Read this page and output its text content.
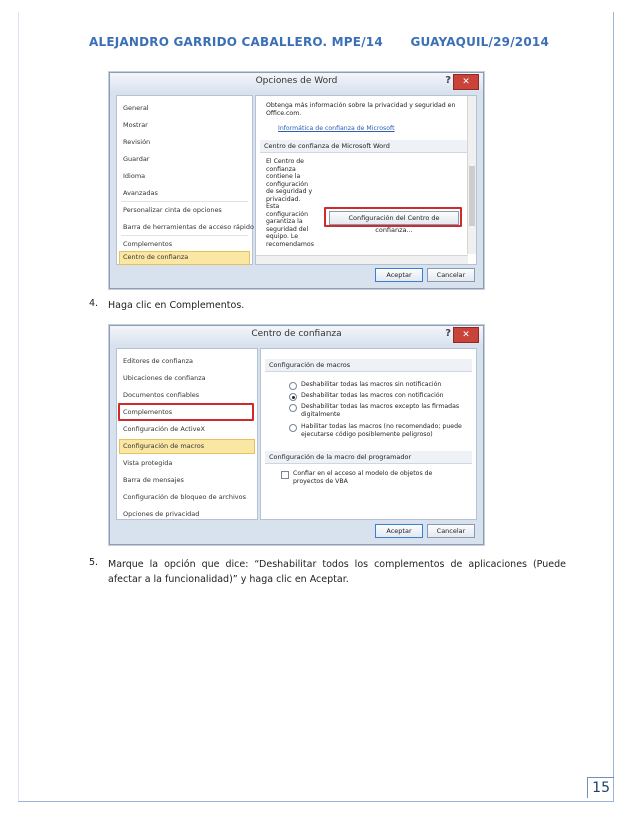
ALEJANDRO GARRIDO CABALLERO. MPE/14 GUAYAQUIL/29/2014
Opciones de Word	?	✕
General
Mostrar
Revisión
Guardar
Idioma
Avanzadas
Personalizar cinta de opciones
Barra de herramientas de acceso rápido
Complementos
Centro de confianza
Obtenga más información sobre la privacidad y seguridad en Office.com.
Informática de confianza de Microsoft
Centro de confianza de Microsoft Word
El Centro de
confianza
contiene la
configuración
de seguridad y
privacidad.
Esta
configuración
garantiza la
seguridad del
equipo. Le
recomendamos
Configuración del Centro de confianza...
Aceptar	Cancelar
4. Haga clic en Complementos.
Centro de confianza	?	✕
Editores de confianza
Ubicaciones de confianza
Documentos confiables
Complementos
Configuración de ActiveX
Configuración de macros
Vista protegida
Barra de mensajes
Configuración de bloqueo de archivos
Opciones de privacidad
Configuración de macros
Deshabilitar todas las macros sin notificación
Deshabilitar todas las macros con notificación
Deshabilitar todas las macros excepto las firmadas digitalmente
Habilitar todas las macros (no recomendado; puede ejecutarse código posiblemente peligroso)
Configuración de la macro del programador
Confiar en el acceso al modelo de objetos de proyectos de VBA
Aceptar	Cancelar
5. Marque la opción que dice: “Deshabilitar todos los complementos de aplicaciones (Puede afectar a la funcionalidad)” y haga clic en Aceptar.
15
